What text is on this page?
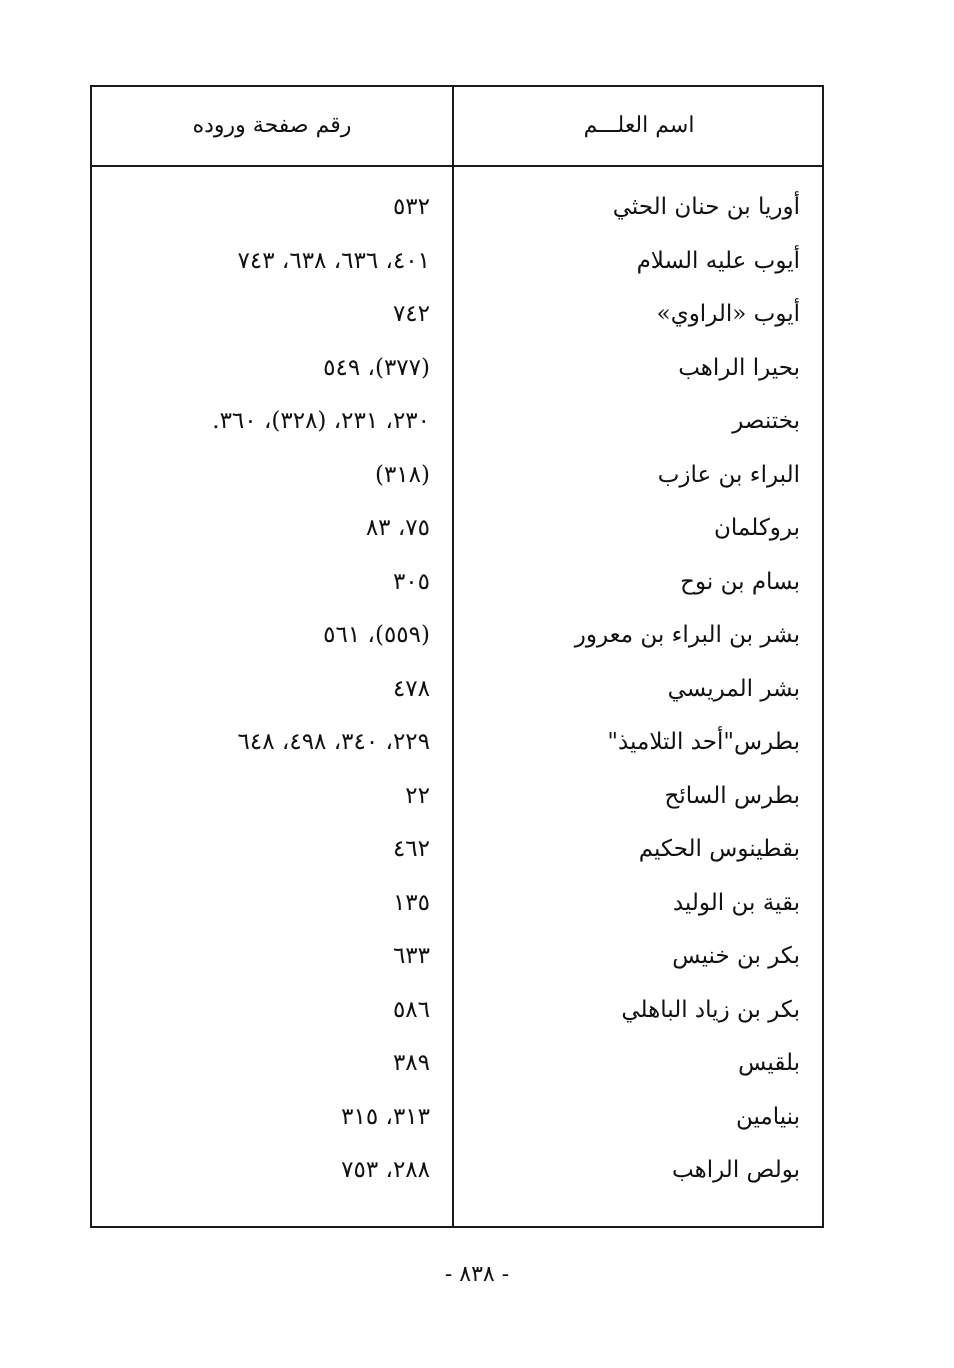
اسم العلـــم
رقم صفحة وروده
أوريا بن حنان الحثي
٥٣٢
أيوب عليه السلام
٤٠١، ٦٣٦، ٦٣٨، ٧٤٣
أيوب «الراوي»
٧٤٢
بحيرا الراهب
(٣٧٧)، ٥٤٩
بختنصر
٢٣٠، ٢٣١، (٣٢٨)، ٣٦٠.
البراء بن عازب
(٣١٨)
بروكلمان
٧٥، ٨٣
بسام بن نوح
٣٠٥
بشر بن البراء بن معرور
(٥٥٩)، ٥٦١
بشر المريسي
٤٧٨
بطرس"أحد التلاميذ"
٢٢٩، ٣٤٠، ٤٩٨، ٦٤٨
بطرس السائح
٢٢
بقطينوس الحكيم
٤٦٢
بقية بن الوليد
١٣٥
بكر بن خنيس
٦٣٣
بكر بن زياد الباهلي
٥٨٦
بلقيس
٣٨٩
بنيامين
٣١٣، ٣١٥
بولص الراهب
٢٨٨، ٧٥٣
- ٨٣٨ -
